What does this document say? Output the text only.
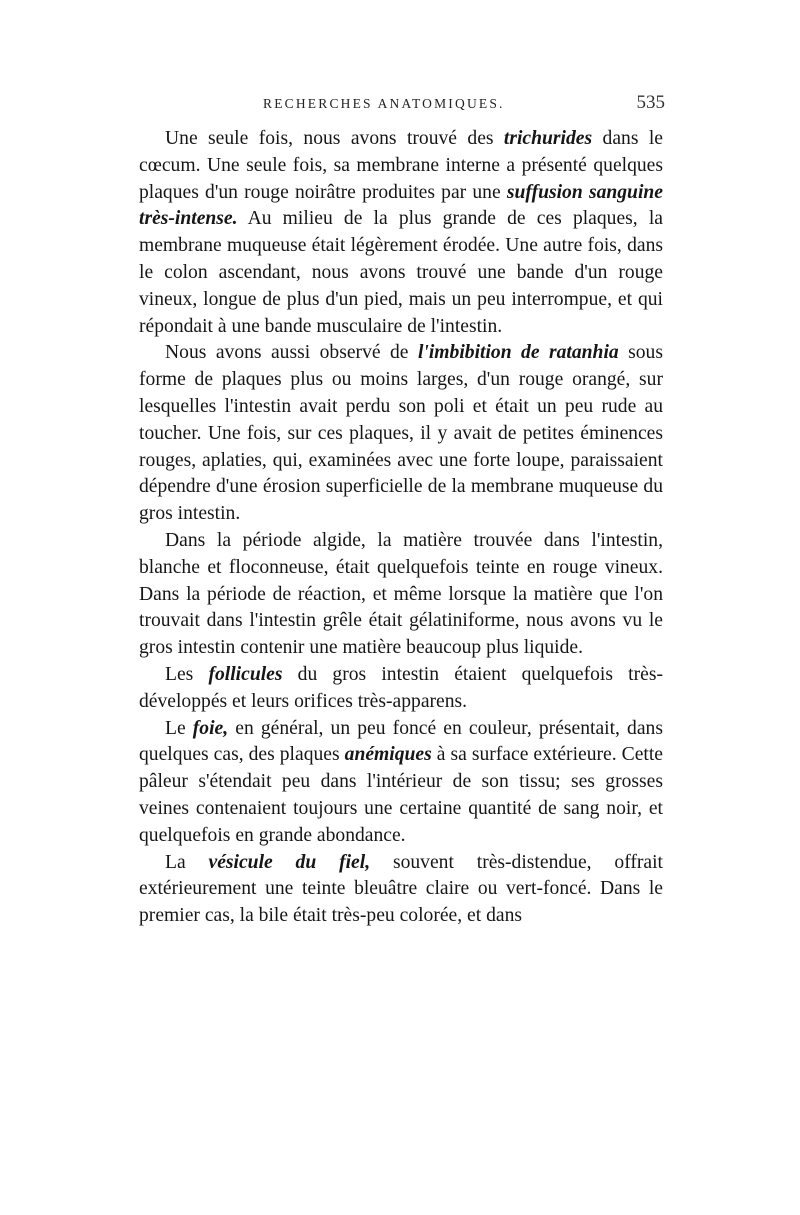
RECHERCHES ANATOMIQUES.	535

Une seule fois, nous avons trouvé des trichurides dans le cœcum. Une seule fois, sa membrane interne a présenté quelques plaques d'un rouge noirâtre produites par une suffusion sanguine très-intense. Au milieu de la plus grande de ces plaques, la membrane muqueuse était légèrement érodée. Une autre fois, dans le colon ascendant, nous avons trouvé une bande d'un rouge vineux, longue de plus d'un pied, mais un peu interrompue, et qui répondait à une bande musculaire de l'intestin.

Nous avons aussi observé de l'imbibition de ratanhia sous forme de plaques plus ou moins larges, d'un rouge orangé, sur lesquelles l'intestin avait perdu son poli et était un peu rude au toucher. Une fois, sur ces plaques, il y avait de petites éminences rouges, aplaties, qui, examinées avec une forte loupe, paraissaient dépendre d'une érosion superficielle de la membrane muqueuse du gros intestin.

Dans la période algide, la matière trouvée dans l'intestin, blanche et floconneuse, était quelquefois teinte en rouge vineux. Dans la période de réaction, et même lorsque la matière que l'on trouvait dans l'intestin grêle était gélatiniforme, nous avons vu le gros intestin contenir une matière beaucoup plus liquide.

Les follicules du gros intestin étaient quelquefois très-développés et leurs orifices très-apparens.

Le foie, en général, un peu foncé en couleur, présentait, dans quelques cas, des plaques anémiques à sa surface extérieure. Cette pâleur s'étendait peu dans l'intérieur de son tissu; ses grosses veines contenaient toujours une certaine quantité de sang noir, et quelquefois en grande abondance.

La vésicule du fiel, souvent très-distendue, offrait extérieurement une teinte bleuâtre claire ou vert-foncé. Dans le premier cas, la bile était très-peu colorée, et dans
